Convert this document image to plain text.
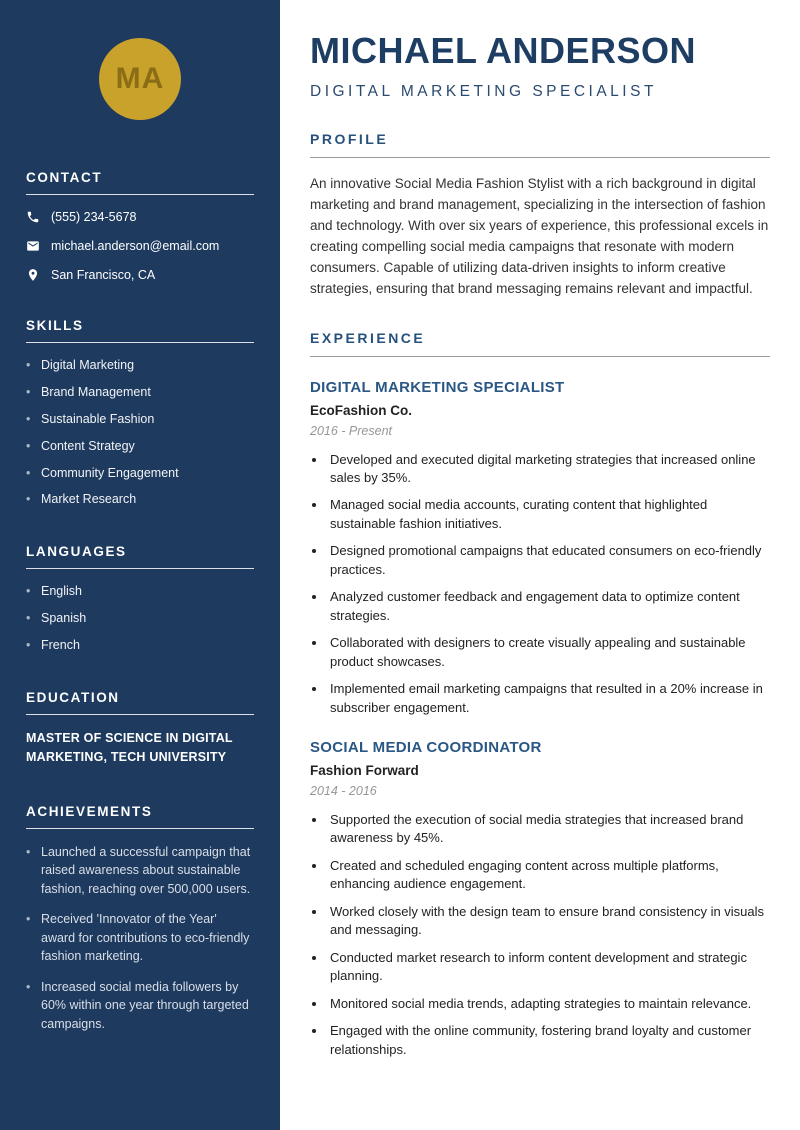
MA
CONTACT
(555) 234-5678
michael.anderson@email.com
San Francisco, CA
SKILLS
• Digital Marketing
• Brand Management
• Sustainable Fashion
• Content Strategy
• Community Engagement
• Market Research
LANGUAGES
• English
• Spanish
• French
EDUCATION

MASTER OF SCIENCE IN DIGITAL MARKETING, TECH UNIVERSITY

ACHIEVEMENTS
• Launched a successful campaign that raised awareness about sustainable fashion, reaching over 500,000 users.
• Received 'Innovator of the Year' award for contributions to eco-friendly fashion marketing.
• Increased social media followers by 60% within one year through targeted campaigns.
MICHAEL ANDERSON
DIGITAL MARKETING SPECIALIST
PROFILE

An innovative Social Media Fashion Stylist with a rich background in digital marketing and brand management, specializing in the intersection of fashion and technology. With over six years of experience, this professional excels in creating compelling social media campaigns that resonate with modern consumers. Capable of utilizing data-driven insights to inform creative strategies, ensuring that brand messaging remains relevant and impactful.

EXPERIENCE
DIGITAL MARKETING SPECIALIST
EcoFashion Co.
2016 - Present
• Developed and executed digital marketing strategies that increased online sales by 35%.
• Managed social media accounts, curating content that highlighted sustainable fashion initiatives.
• Designed promotional campaigns that educated consumers on eco-friendly practices.
• Analyzed customer feedback and engagement data to optimize content strategies.
• Collaborated with designers to create visually appealing and sustainable product showcases.
• Implemented email marketing campaigns that resulted in a 20% increase in subscriber engagement.
SOCIAL MEDIA COORDINATOR
Fashion Forward
2014 - 2016
• Supported the execution of social media strategies that increased brand awareness by 45%.
• Created and scheduled engaging content across multiple platforms, enhancing audience engagement.
• Worked closely with the design team to ensure brand consistency in visuals and messaging.
• Conducted market research to inform content development and strategic planning.
• Monitored social media trends, adapting strategies to maintain relevance.
• Engaged with the online community, fostering brand loyalty and customer relationships.
